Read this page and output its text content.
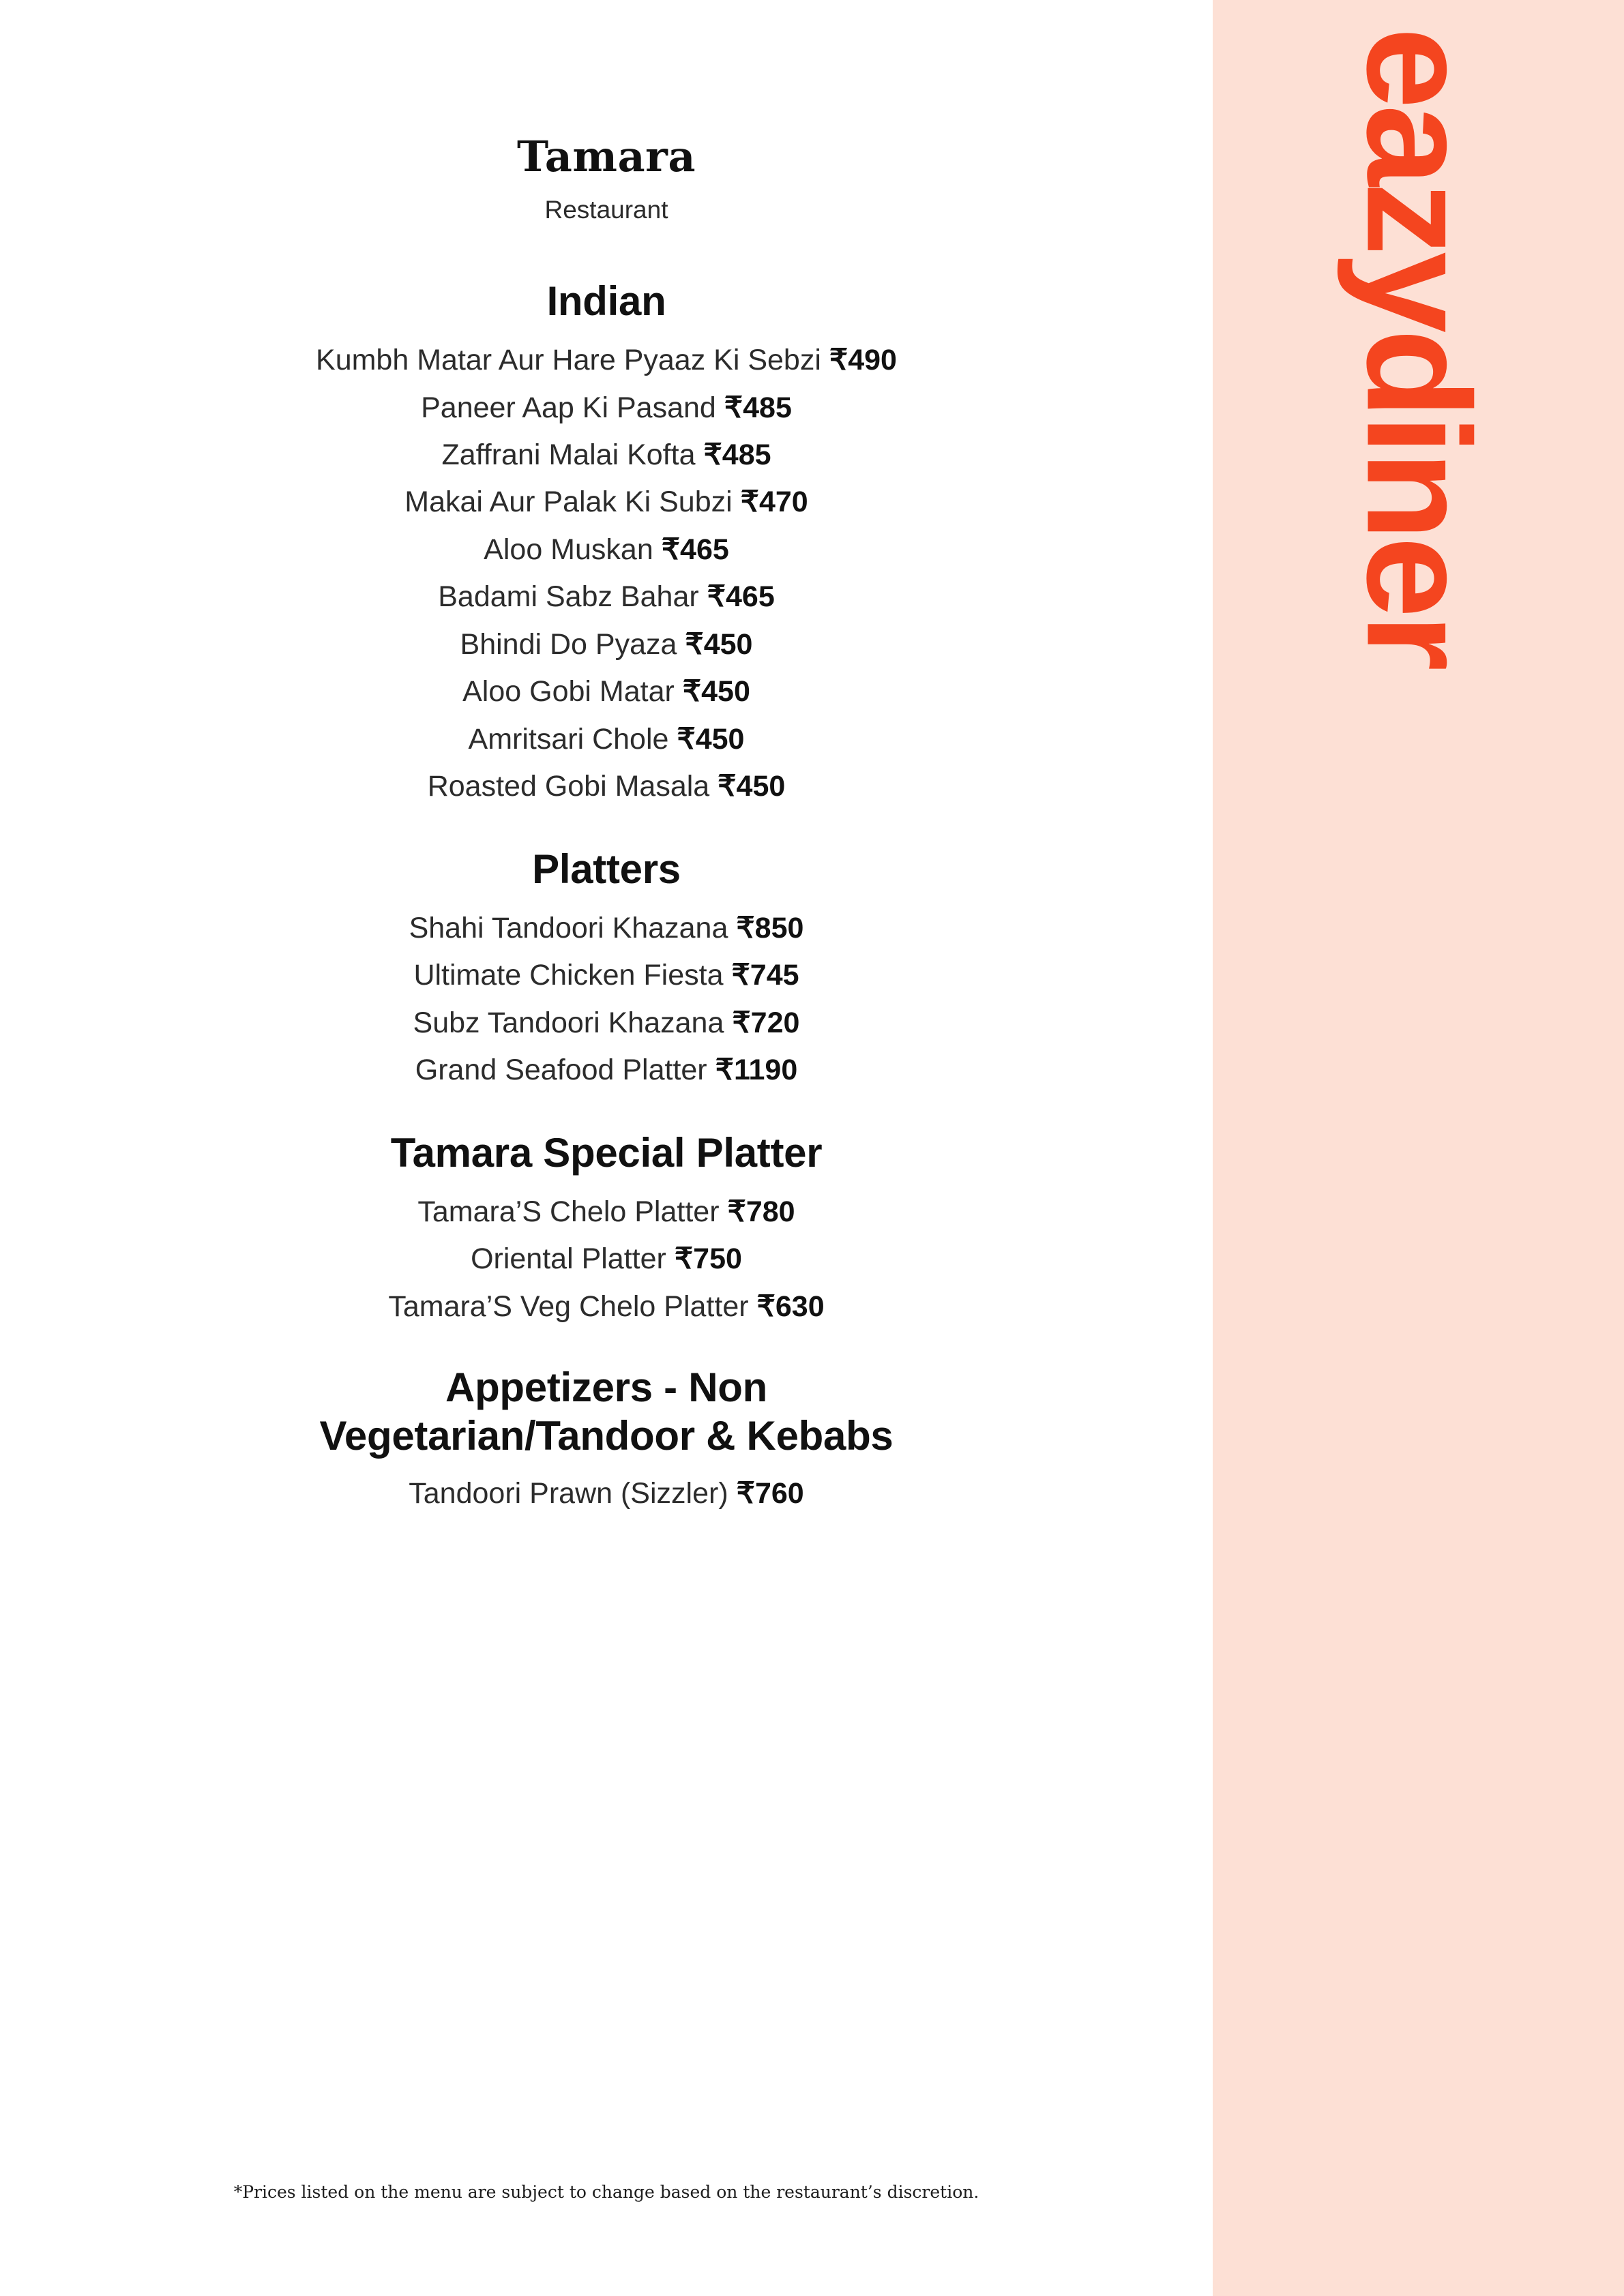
Tamara
Restaurant
Indian
Kumbh Matar Aur Hare Pyaaz Ki Sebzi ₹490
Paneer Aap Ki Pasand ₹485
Zaffrani Malai Kofta ₹485
Makai Aur Palak Ki Subzi ₹470
Aloo Muskan ₹465
Badami Sabz Bahar ₹465
Bhindi Do Pyaza ₹450
Aloo Gobi Matar ₹450
Amritsari Chole ₹450
Roasted Gobi Masala ₹450
Platters
Shahi Tandoori Khazana ₹850
Ultimate Chicken Fiesta ₹745
Subz Tandoori Khazana ₹720
Grand Seafood Platter ₹1190
Tamara Special Platter
Tamara’S Chelo Platter ₹780
Oriental Platter ₹750
Tamara’S Veg Chelo Platter ₹630
Appetizers - Non
Vegetarian/Tandoor & Kebabs
Tandoori Prawn (Sizzler) ₹760
*Prices listed on the menu are subject to change based on the restaurant’s discretion.
eazydiner
